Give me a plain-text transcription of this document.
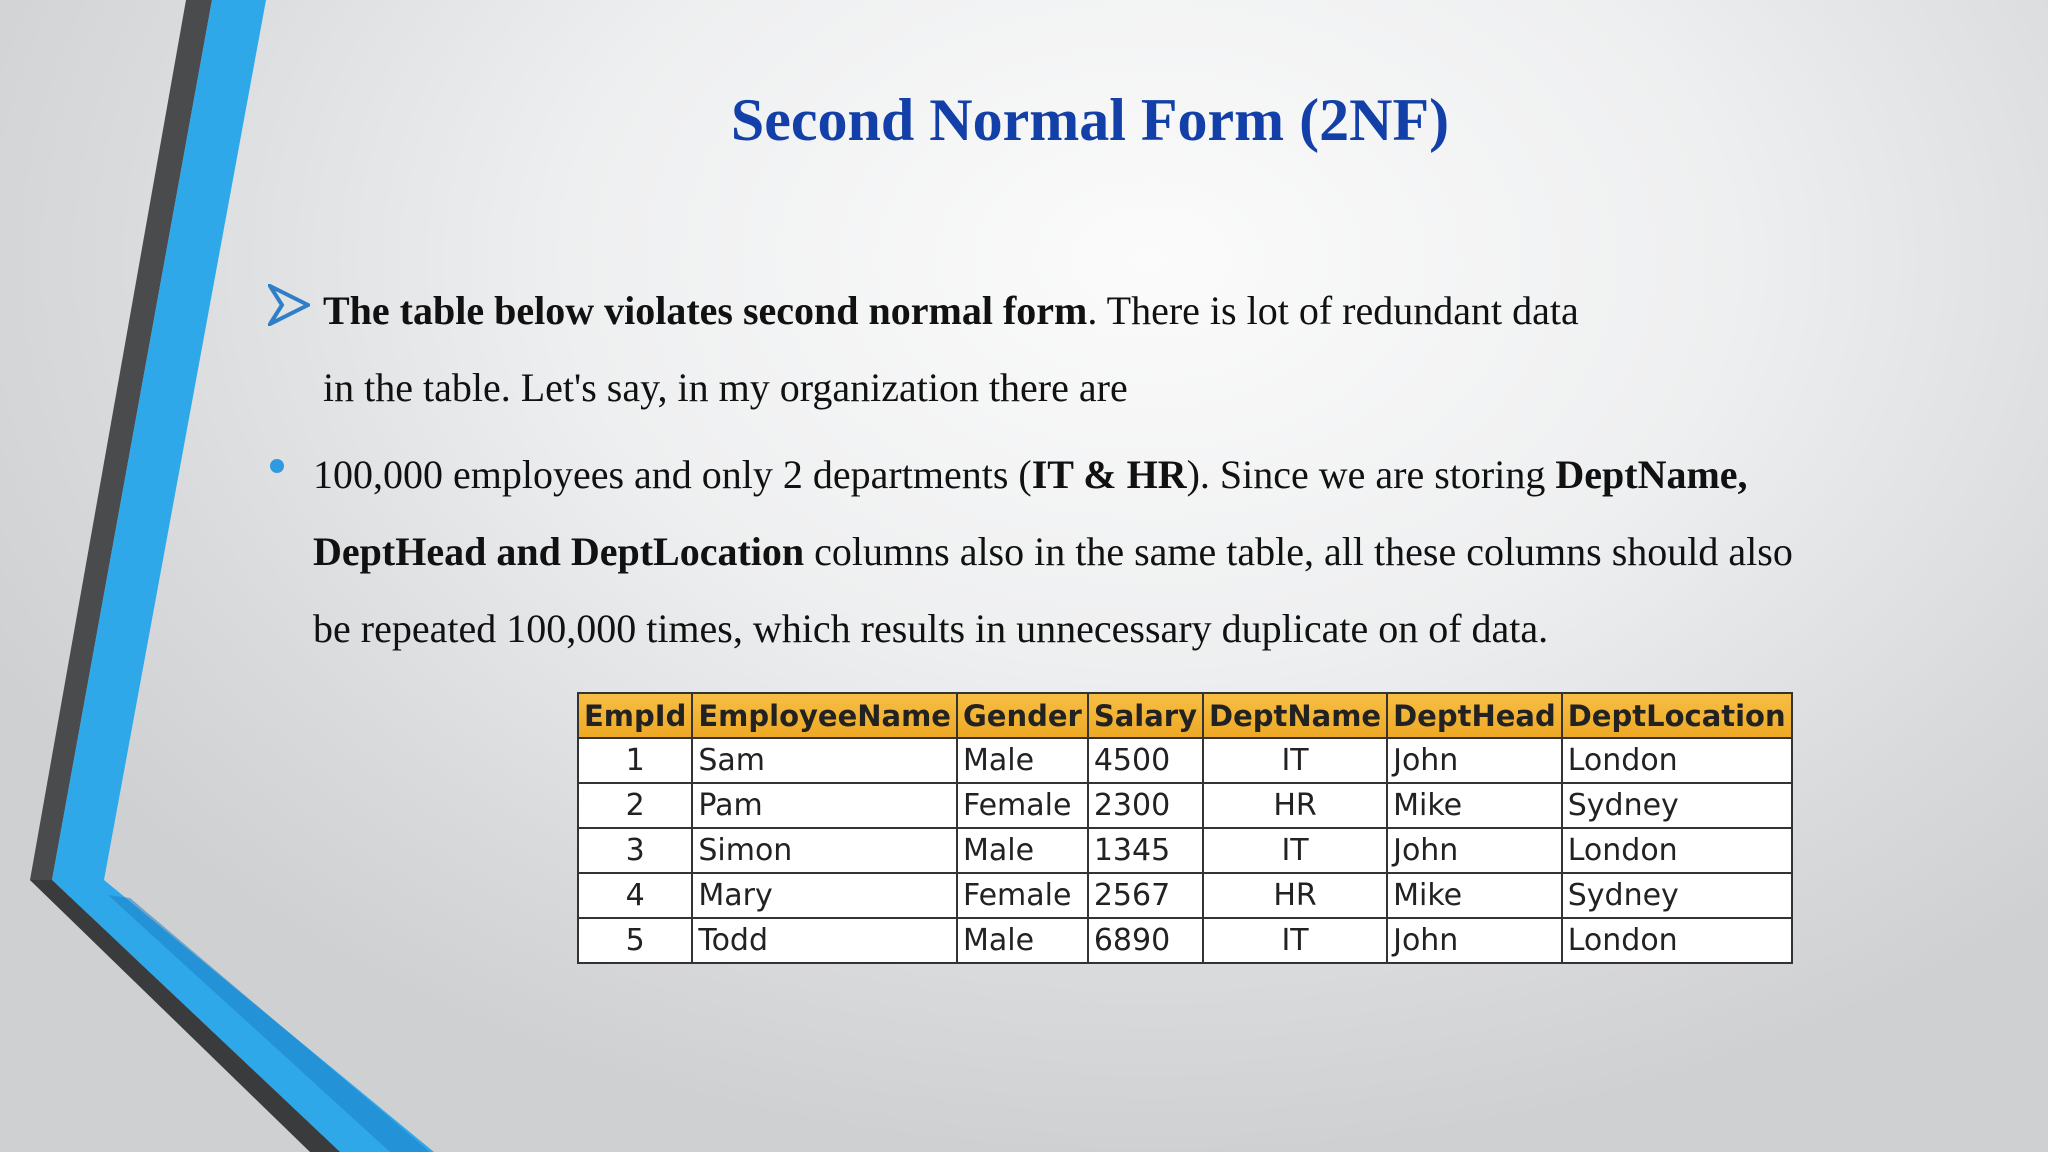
Second Normal Form (2NF)
The table below violates second normal form. There is lot of redundant data
in the table. Let's say, in my organization there are
100,000 employees and only 2 departments (IT & HR). Since we are storing DeptName,
DeptHead and DeptLocation columns also in the same table, all these columns should also
be repeated 100,000 times, which results in unnecessary duplicate on of data.
EmpId	EmployeeName	Gender	Salary	DeptName	DeptHead	DeptLocation
1	Sam	Male	4500	IT	John	London
2	Pam	Female	2300	HR	Mike	Sydney
3	Simon	Male	1345	IT	John	London
4	Mary	Female	2567	HR	Mike	Sydney
5	Todd	Male	6890	IT	John	London
